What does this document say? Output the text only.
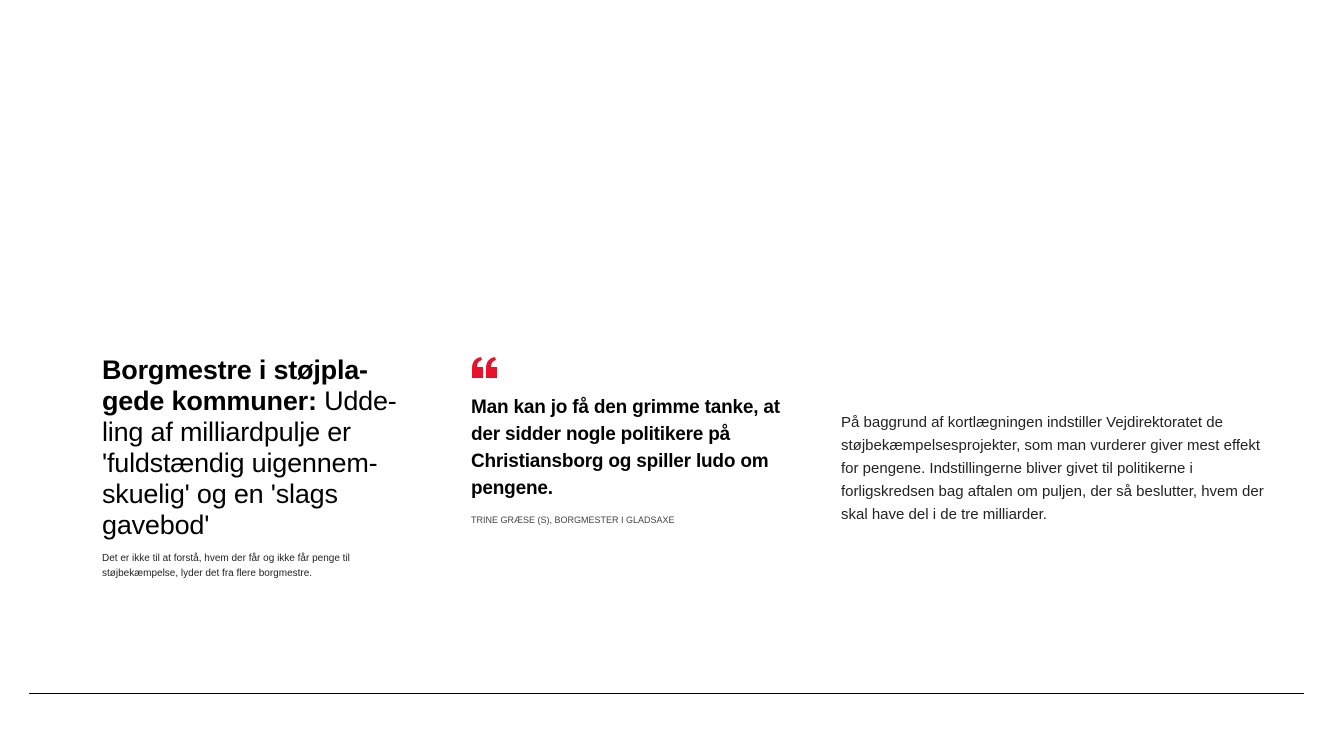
Borgmestre i støjpla-gede kommuner: Udde-ling af milliardpulje er 'fuldstændig uigennem-skuelig' og en 'slags gavebod'

Det er ikke til at forstå, hvem der får og ikke får penge til støjbekæmpelse, lyder det fra flere borgmestre.

Man kan jo få den grimme tanke, at der sidder nogle politikere på Christiansborg og spiller ludo om pengene.

TRINE GRÆSE (S), BORGMESTER I GLADSAXE

På baggrund af kortlægningen indstiller Vejdirektoratet de støjbekæmpelsesprojekter, som man vurderer giver mest effekt for pengene. Indstillingerne bliver givet til politikerne i forligskredsen bag aftalen om puljen, der så beslutter, hvem der skal have del i de tre milliarder.
